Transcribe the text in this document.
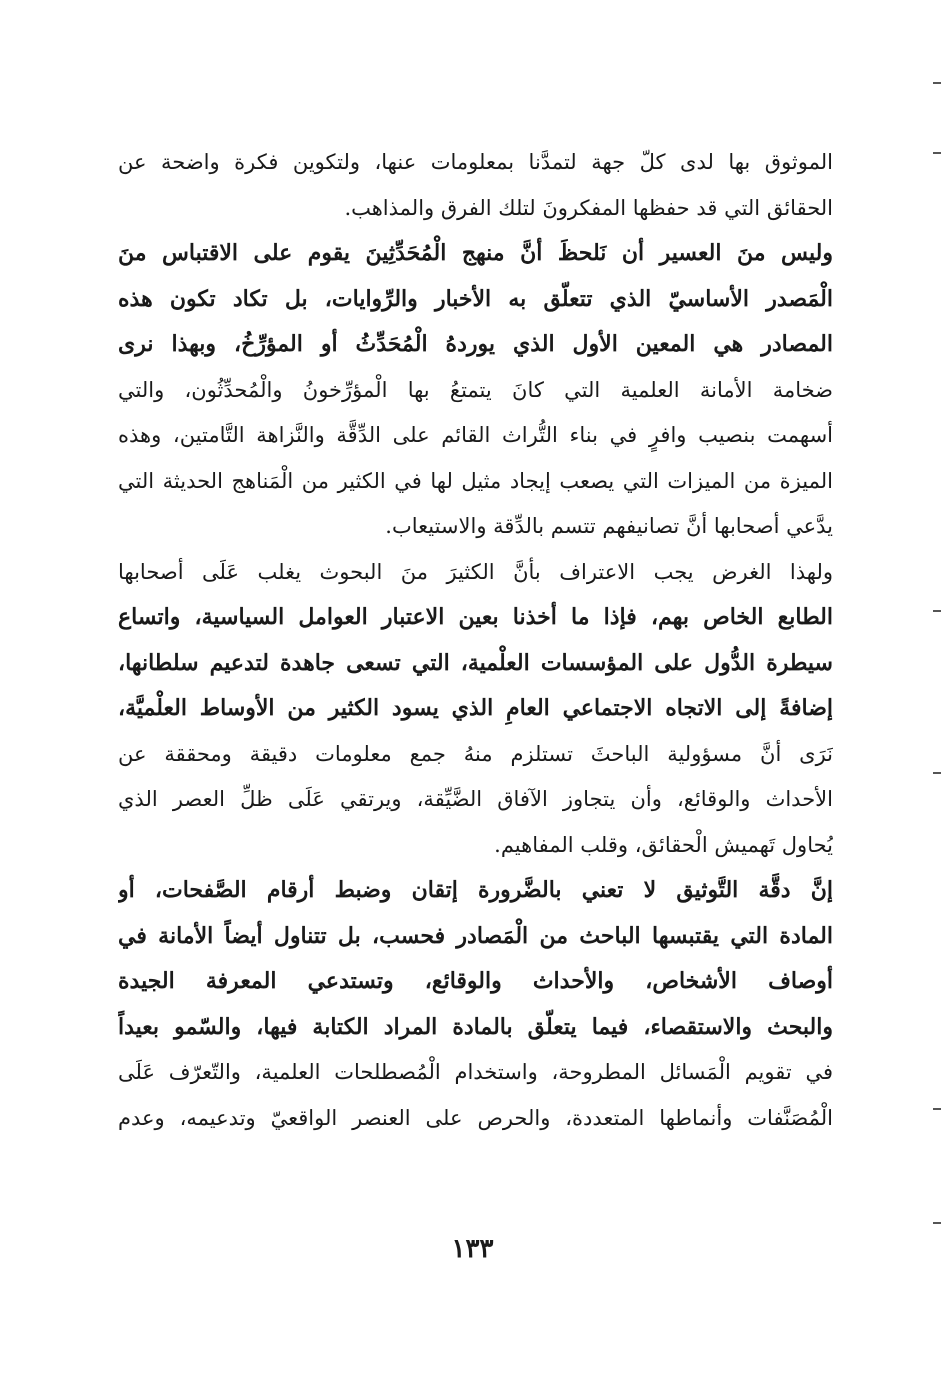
الموثوق بها لدى كلّ جهة لتمدَّنا بمعلومات عنها، ولتكوين فكرة واضحة عن
الحقائق التي قد حفظها المفكرونَ لتلك الفرق والمذاهب.
وليس منَ العسير أن نَلحظَ أنَّ منهج الْمُحَدِّثِينَ يقوم على الاقتباس منَ
الْمَصدر الأساسيّ الذي تتعلّق به الأخبار والرِّوايات، بل تكاد تكون هذه
المصادر هي المعين الأول الذي يوردهُ الْمُحَدِّثُ أو المؤرِّخُ، وبهذا نرى
ضخامة الأمانة العلمية التي كانَ يتمتعُ بها الْمؤرِّخونُ والْمُحدِّثُون، والتي
أسهمت بنصيب وافرٍ في بناء التُّراث القائم على الدِّقَّة والنَّزاهة التَّامتين، وهذه
الميزة من الميزات التي يصعب إيجاد مثيل لها في الكثير من الْمَناهج الحديثة التي
يدَّعي أصحابها أنَّ تصانيفهم تتسم بالدِّقة والاستيعاب.
ولهذا الغرض يجب الاعتراف بأنَّ الكثيرَ منَ البحوث يغلب عَلَى أصحابها
الطابع الخاص بهم، فإذا ما أخذنا بعين الاعتبار العوامل السياسية، واتساع
سيطرة الدُّول على المؤسسات العلْمية، التي تسعى جاهدة لتدعيم سلطانها،
إضافةً إلى الاتجاه الاجتماعي العامِ الذي يسود الكثير من الأوساط العلْميَّة،
نَرَى أنَّ مسؤولية الباحثَ تستلزم منهُ جمع معلومات دقيقة ومحققة عن
الأحداث والوقائع، وأن يتجاوز الآفاق الضَّيِّقة، ويرتقي عَلَى ظلِّ العصر الذي
يُحاول تَهميش الْحقائق، وقلب المفاهيم.
إنَّ دقَّة التَّوثيق لا تعني بالضَّرورة إتقان وضبط أرقام الصَّفحات، أو
المادة التي يقتبسها الباحث من الْمَصادر فحسب، بل تتناول أيضاً الأمانة في
أوصاف الأشخاص، والأحداث والوقائع، وتستدعي المعرفة الجيدة
والبحث والاستقصاء، فيما يتعلّق بالمادة المراد الكتابة فيها، والسّمو بعيداً
في تقويم الْمَسائل المطروحة، واستخدام الْمُصطلحات العلمية، والتّعرّف عَلَى
الْمُصَنَّفات وأنماطها المتعددة، والحرص على العنصر الواقعيّ وتدعيمه، وعدم
١٣٣
